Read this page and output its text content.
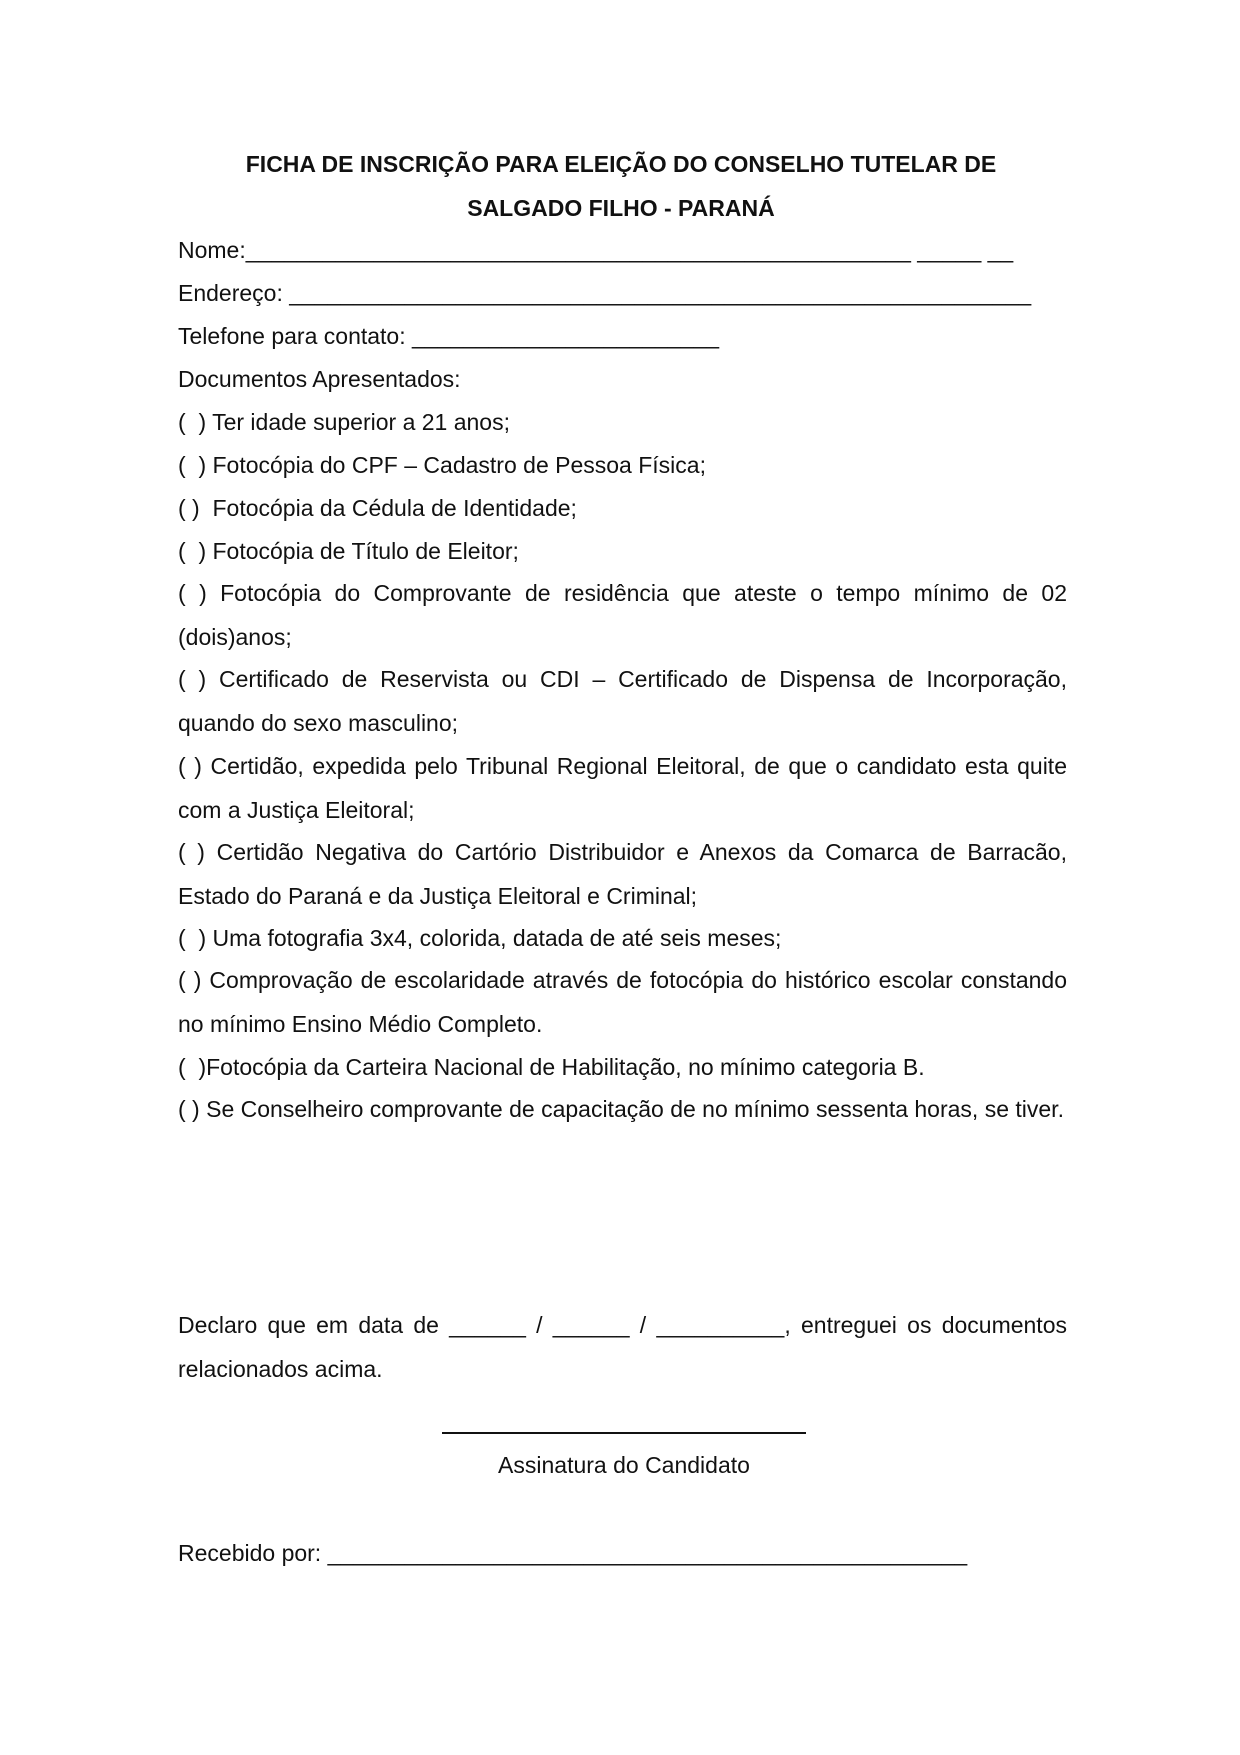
FICHA DE INSCRIÇÃO PARA ELEIÇÃO DO CONSELHO TUTELAR DE
SALGADO FILHO - PARANÁ
Nome:____________________________________________________ _____ __
Endereço: __________________________________________________________
Telefone para contato: ________________________
Documentos Apresentados:
(  ) Ter idade superior a 21 anos;
(  ) Fotocópia do CPF – Cadastro de Pessoa Física;
( )  Fotocópia da Cédula de Identidade;
(  ) Fotocópia de Título de Eleitor;
( ) Fotocópia do Comprovante de residência que ateste o tempo mínimo de 02 (dois)anos;
( ) Certificado de Reservista ou CDI – Certificado de Dispensa de Incorporação, quando do sexo masculino;
( ) Certidão, expedida pelo Tribunal Regional Eleitoral, de que o candidato esta quite com a Justiça Eleitoral;
( ) Certidão Negativa do Cartório Distribuidor e Anexos da Comarca de Barracão, Estado do Paraná e da Justiça Eleitoral e Criminal;
(  ) Uma fotografia 3x4, colorida, datada de até seis meses;
( ) Comprovação de escolaridade através de fotocópia do histórico escolar constando no mínimo Ensino Médio Completo.
(  )Fotocópia da Carteira Nacional de Habilitação, no mínimo categoria B.
( ) Se Conselheiro comprovante de capacitação de no mínimo sessenta horas, se tiver.
Declaro que em data de ______ / ______ / __________, entreguei os documentos relacionados acima.
Assinatura do Candidato
Recebido por: __________________________________________________
